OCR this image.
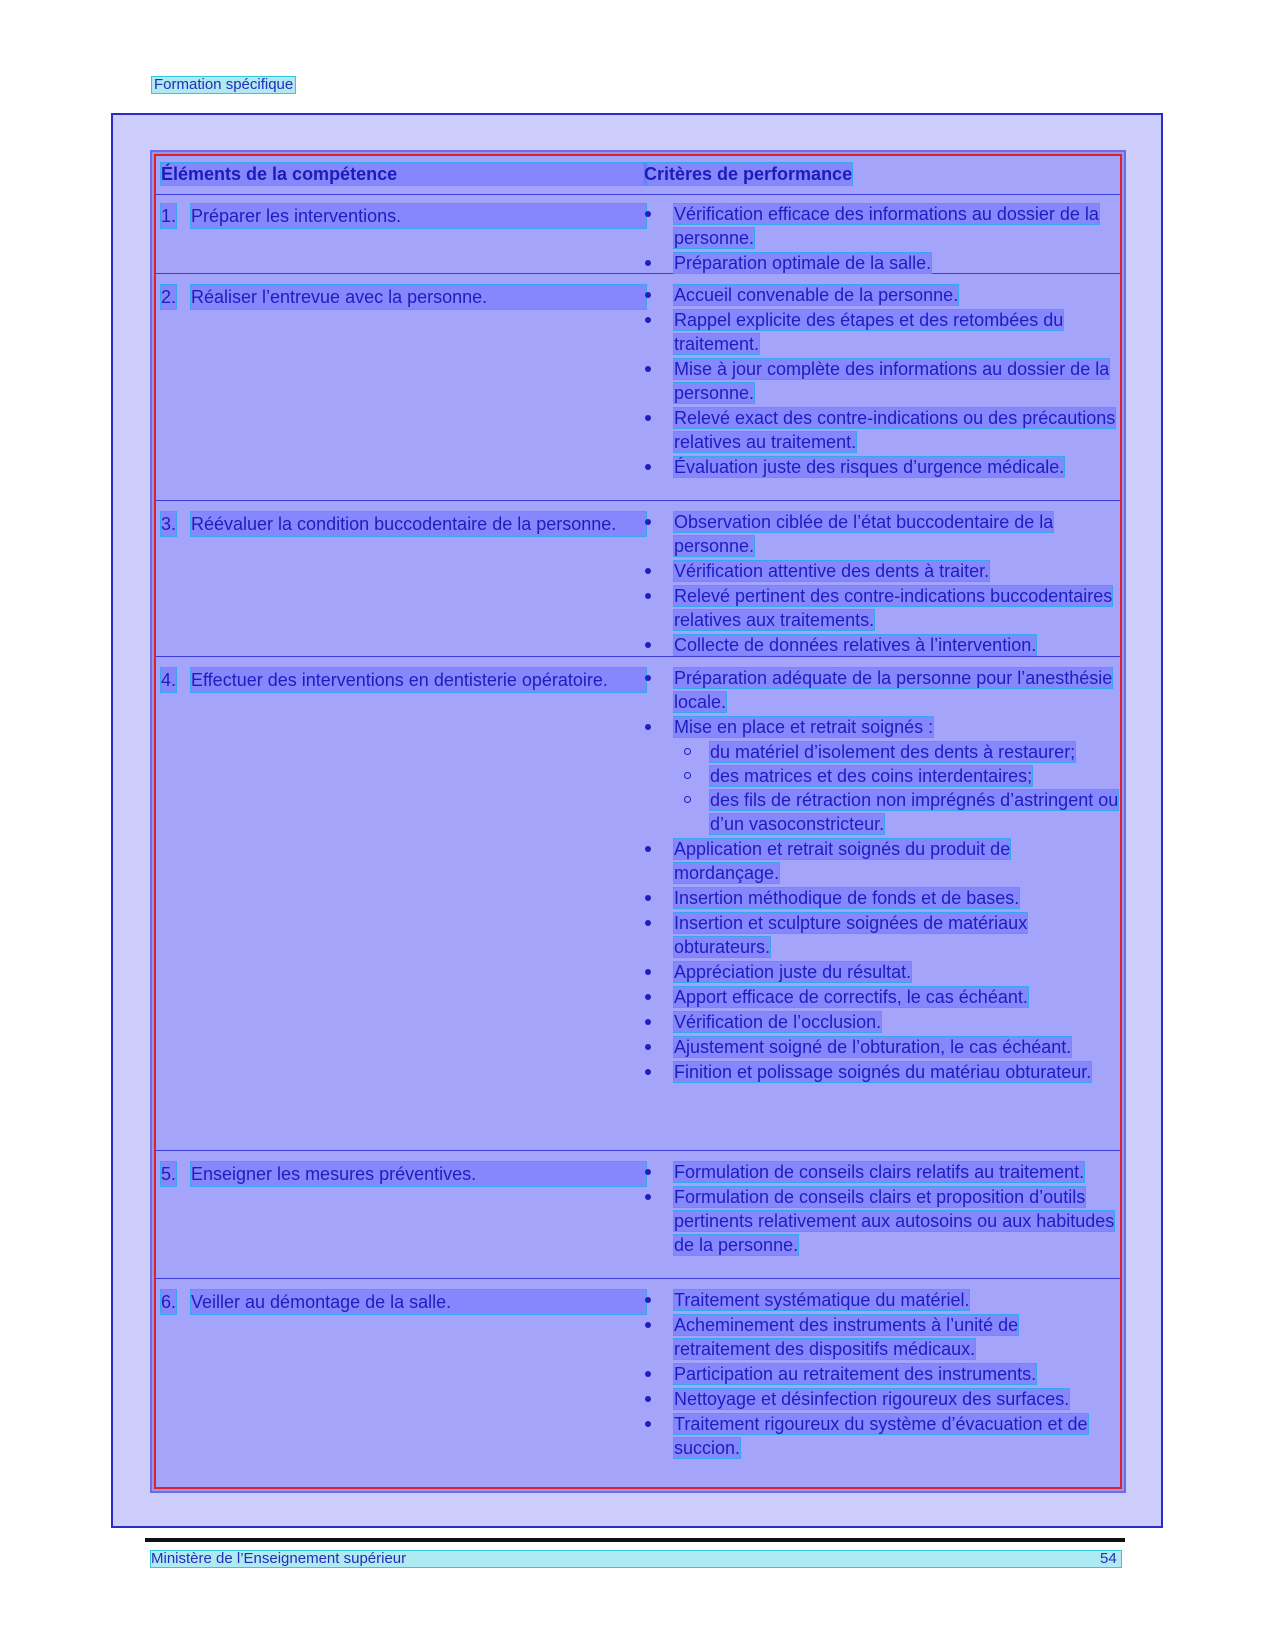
Formation spécifique
Éléments de la compétence	Critères de performance
1. Préparer les interventions.	Vérification efficace des informations au dossier de la personne.
Préparation optimale de la salle.
2. Réaliser l’entrevue avec la personne.	Accueil convenable de la personne.
Rappel explicite des étapes et des retombées du traitement.
Mise à jour complète des informations au dossier de la personne.
Relevé exact des contre-indications ou des précautions relatives au traitement.
Évaluation juste des risques d’urgence médicale.
3. Réévaluer la condition buccodentaire de la personne.	Observation ciblée de l’état buccodentaire de la personne.
Vérification attentive des dents à traiter.
Relevé pertinent des contre-indications buccodentaires relatives aux traitements.
Collecte de données relatives à l’intervention.
4. Effectuer des interventions en dentisterie opératoire.	Préparation adéquate de la personne pour l’anesthésie locale.
Mise en place et retrait soignés :
du matériel d’isolement des dents à restaurer;
des matrices et des coins interdentaires;
des fils de rétraction non imprégnés d’astringent ou d’un vasoconstricteur.
Application et retrait soignés du produit de mordançage.
Insertion méthodique de fonds et de bases.
Insertion et sculpture soignées de matériaux obturateurs.
Appréciation juste du résultat.
Apport efficace de correctifs, le cas échéant.
Vérification de l’occlusion.
Ajustement soigné de l’obturation, le cas échéant.
Finition et polissage soignés du matériau obturateur.
5. Enseigner les mesures préventives.	Formulation de conseils clairs relatifs au traitement.
Formulation de conseils clairs et proposition d’outils pertinents relativement aux autosoins ou aux habitudes de la personne.
6. Veiller au démontage de la salle.	Traitement systématique du matériel.
Acheminement des instruments à l’unité de retraitement des dispositifs médicaux.
Participation au retraitement des instruments.
Nettoyage et désinfection rigoureux des surfaces.
Traitement rigoureux du système d’évacuation et de succion.
Ministère de l’Enseignement supérieur	54
